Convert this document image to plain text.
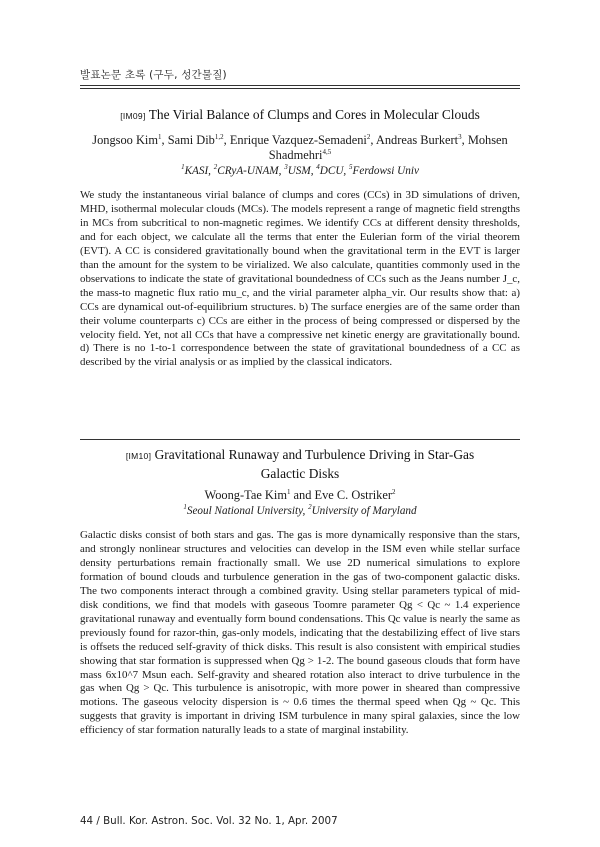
발표논문 초록 (구두, 성간물질)
[IM09] The Virial Balance of Clumps and Cores in Molecular Clouds
Jongsoo Kim$^1$, Sami Dib$^{1,2}$, Enrique Vazquez-Semadeni$^2$, Andreas Burkert$^3$, Mohsen Shadmehri$^{4,5}$
$^1$KASI, $^2$CRyA-UNAM, $^3$USM, $^4$DCU, $^5$Ferdowsi Univ

We study the instantaneous virial balance of clumps and cores (CCs) in 3D simulations of driven, MHD, isothermal molecular clouds (MCs). The models represent a range of magnetic field strengths in MCs from subcritical to non-magnetic regimes. We identify CCs at different density thresholds, and for each object, we calculate all the terms that enter the Eulerian form of the virial theorem (EVT). A CC is considered gravitationally bound when the gravitational term in the EVT is larger than the amount for the system to be virialized. We also calculate, quantities commonly used in the observations to indicate the state of gravitational boundedness of CCs such as the Jeans number J_c, the mass-to magnetic flux ratio mu_c, and the virial parameter alpha_vir. Our results show that: a) CCs are dynamical out-of-equilibrium structures. b) The surface energies are of the same order than their volume counterparts c) CCs are either in the process of being compressed or dispersed by the velocity field. Yet, not all CCs that have a compressive net kinetic energy are gravitationally bound. d) There is no 1-to-1 correspondence between the state of gravitational boundedness of a CC as described by the virial analysis or as implied by the classical indicators.

[IM10] Gravitational Runaway and Turbulence Driving in Star-Gas
Galactic Disks
Woong-Tae Kim$^1$ and Eve C. Ostriker$^2$
$^1$Seoul National University, $^2$University of Maryland

Galactic disks consist of both stars and gas. The gas is more dynamically responsive than the stars, and strongly nonlinear structures and velocities can develop in the ISM even while stellar surface density perturbations remain fractionally small. We use 2D numerical simulations to explore formation of bound clouds and turbulence generation in the gas of two-component galactic disks. The two components interact through a combined gravity. Using stellar parameters typical of mid-disk conditions, we find that models with gaseous Toomre parameter Qg < Qc ~ 1.4 experience gravitational runaway and eventually form bound condensations. This Qc value is nearly the same as previously found for razor-thin, gas-only models, indicating that the destabilizing effect of live stars is offsets the reduced self-gravity of thick disks. This result is also consistent with empirical studies showing that star formation is suppressed when Qg > 1-2. The bound gaseous clouds that form have mass 6x10^7 Msun each. Self-gravity and sheared rotation also interact to drive turbulence in the gas when Qg > Qc. This turbulence is anisotropic, with more power in sheared than compressive motions. The gaseous velocity dispersion is ~ 0.6 times the thermal speed when Qg ~ Qc. This suggests that gravity is important in driving ISM turbulence in many spiral galaxies, since the low efficiency of star formation naturally leads to a state of marginal instability.

44 / Bull. Kor. Astron. Soc. Vol. 32 No. 1, Apr. 2007
